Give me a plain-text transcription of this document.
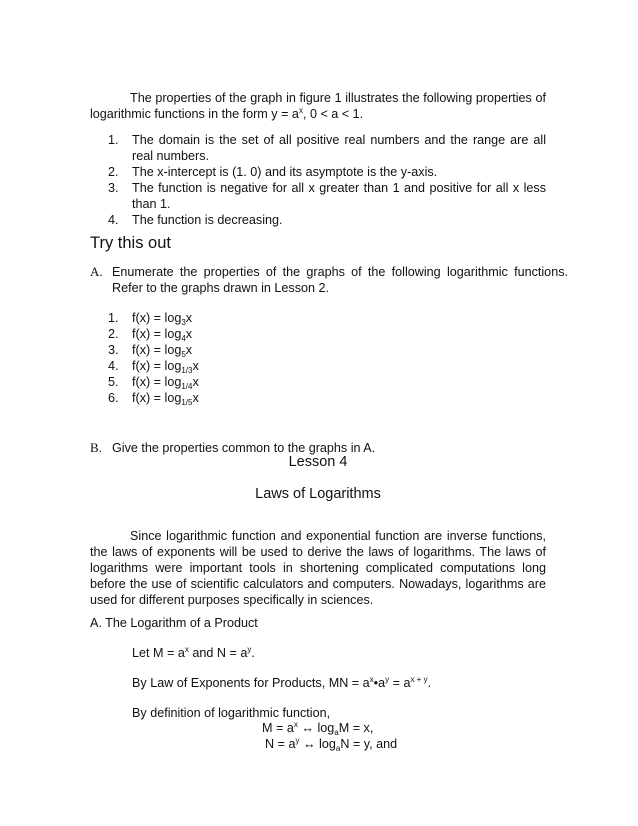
The properties of the graph in figure 1 illustrates the following properties of logarithmic functions in the form $y = a^x$, 0 < a < 1.
1. The domain is the set of all positive real numbers and the range are all real numbers.
2. The x-intercept is (1. 0) and its asymptote is the y-axis.
3. The function is negative for all x greater than 1 and positive for all x less than 1.
4. The function is decreasing.
Try this out
A. Enumerate the properties of the graphs of the following logarithmic functions. Refer to the graphs drawn in Lesson 2.
1. $f(x) = \log_3x$
2. $f(x) = \log_4x$
3. $f(x) = \log_5x$
4. $f(x) = \log_{1/3}x$
5. $f(x) = \log_{1/4}x$
6. $f(x) = \log_{1/5}x$
B. Give the properties common to the graphs in A.
Lesson 4
Laws of Logarithms
Since logarithmic function and exponential function are inverse functions, the laws of exponents will be used to derive the laws of logarithms. The laws of logarithms were important tools in shortening complicated computations long before the use of scientific calculators and computers. Nowadays, logarithms are used for different purposes specifically in sciences.
A. The Logarithm of a Product
Let $M = a^x$ and $N = a^y$.
By Law of Exponents for Products, MN = $a^x•a^y = a^{x + y}$.
By definition of logarithmic function,
$M = a^x$ ↔ $\log_aM = x$,
$N = a^y$ ↔ $\log_aN = y$, and
